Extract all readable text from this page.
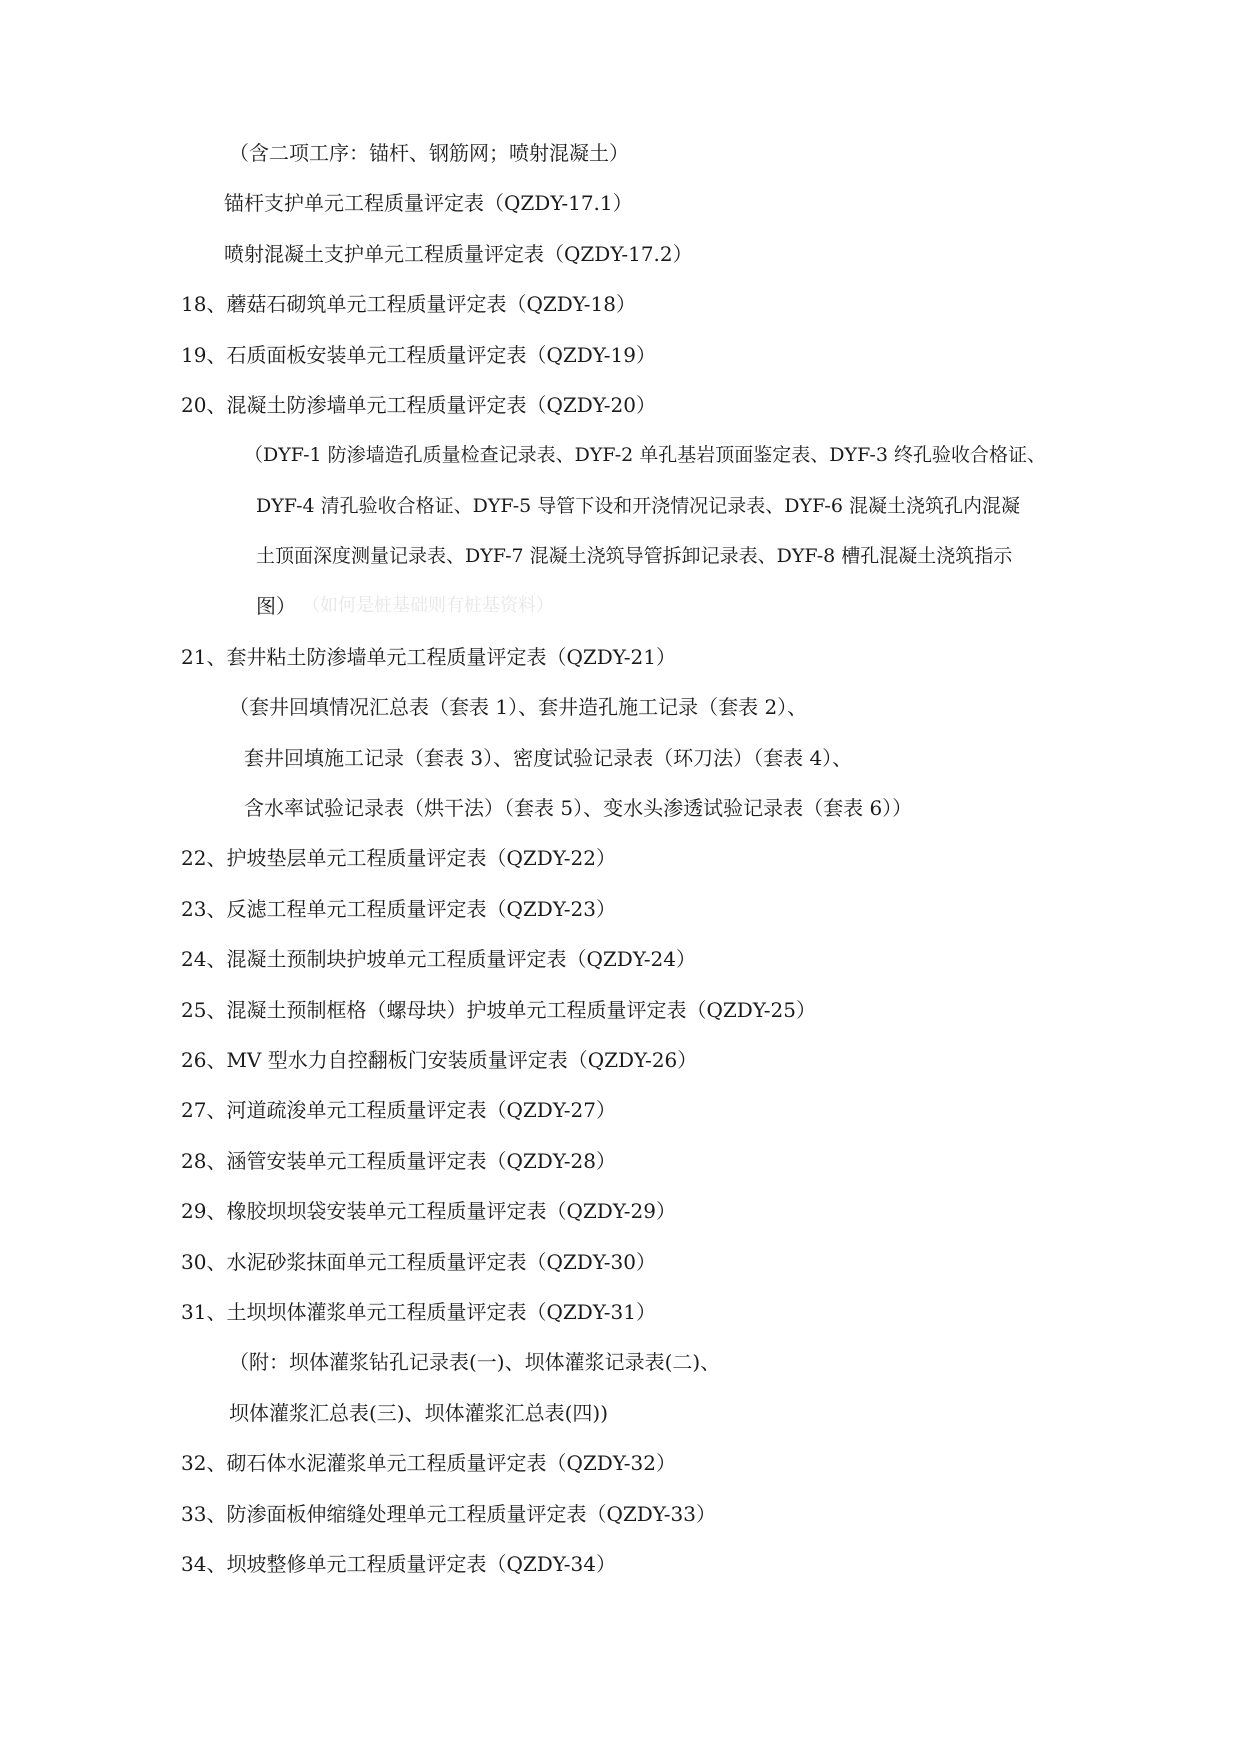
（含二项工序：锚杆、钢筋网；喷射混凝土）
锚杆支护单元工程质量评定表（QZDY-17.1）
喷射混凝土支护单元工程质量评定表（QZDY-17.2）
18、蘑菇石砌筑单元工程质量评定表（QZDY-18）
19、石质面板安装单元工程质量评定表（QZDY-19）
20、混凝土防渗墙单元工程质量评定表（QZDY-20）
（DYF-1 防渗墙造孔质量检查记录表、DYF-2 单孔基岩顶面鉴定表、DYF-3 终孔验收合格证、
DYF-4 清孔验收合格证、DYF-5 导管下设和开浇情况记录表、DYF-6 混凝土浇筑孔内混凝
土顶面深度测量记录表、DYF-7 混凝土浇筑导管拆卸记录表、DYF-8 槽孔混凝土浇筑指示
图） （如何是桩基础则有桩基资料）
21、套井粘土防渗墙单元工程质量评定表（QZDY-21）
（套井回填情况汇总表（套表 1）、套井造孔施工记录（套表 2）、
套井回填施工记录（套表 3）、密度试验记录表（环刀法）（套表 4）、
含水率试验记录表（烘干法）（套表 5）、变水头渗透试验记录表（套表 6））
22、护坡垫层单元工程质量评定表（QZDY-22）
23、反滤工程单元工程质量评定表（QZDY-23）
24、混凝土预制块护坡单元工程质量评定表（QZDY-24）
25、混凝土预制框格（螺母块）护坡单元工程质量评定表（QZDY-25）
26、MV 型水力自控翻板门安装质量评定表（QZDY-26）
27、河道疏浚单元工程质量评定表（QZDY-27）
28、涵管安装单元工程质量评定表（QZDY-28）
29、橡胶坝坝袋安装单元工程质量评定表（QZDY-29）
30、水泥砂浆抹面单元工程质量评定表（QZDY-30）
31、土坝坝体灌浆单元工程质量评定表（QZDY-31）
（附：坝体灌浆钻孔记录表(一)、坝体灌浆记录表(二)、
坝体灌浆汇总表(三)、坝体灌浆汇总表(四))
32、砌石体水泥灌浆单元工程质量评定表（QZDY-32）
33、防渗面板伸缩缝处理单元工程质量评定表（QZDY-33）
34、坝坡整修单元工程质量评定表（QZDY-34）
